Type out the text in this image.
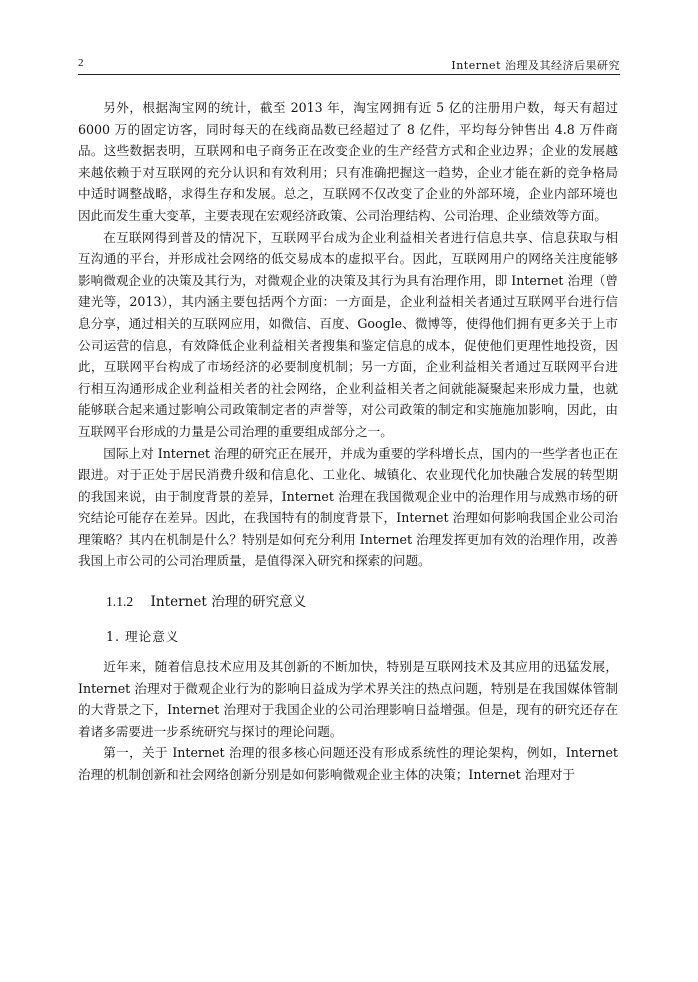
2	Internet 治理及其经济后果研究

另外，根据淘宝网的统计，截至 2013 年，淘宝网拥有近 5 亿的注册用户数，每天有超过 6000 万的固定访客，同时每天的在线商品数已经超过了 8 亿件，平均每分钟售出 4.8 万件商品。这些数据表明，互联网和电子商务正在改变企业的生产经营方式和企业边界；企业的发展越来越依赖于对互联网的充分认识和有效利用；只有准确把握这一趋势，企业才能在新的竞争格局中适时调整战略，求得生存和发展。总之，互联网不仅改变了企业的外部环境，企业内部环境也因此而发生重大变革，主要表现在宏观经济政策、公司治理结构、公司治理、企业绩效等方面。

在互联网得到普及的情况下，互联网平台成为企业利益相关者进行信息共享、信息获取与相互沟通的平台，并形成社会网络的低交易成本的虚拟平台。因此，互联网用户的网络关注度能够影响微观企业的决策及其行为，对微观企业的决策及其行为具有治理作用，即 Internet 治理（曾建光等，2013），其内涵主要包括两个方面：一方面是，企业利益相关者通过互联网平台进行信息分享，通过相关的互联网应用，如微信、百度、Google、微博等，使得他们拥有更多关于上市公司运营的信息，有效降低企业利益相关者搜集和鉴定信息的成本，促使他们更理性地投资，因此，互联网平台构成了市场经济的必要制度机制；另一方面，企业利益相关者通过互联网平台进行相互沟通形成企业利益相关者的社会网络，企业利益相关者之间就能凝聚起来形成力量，也就能够联合起来通过影响公司政策制定者的声誉等，对公司政策的制定和实施施加影响，因此，由互联网平台形成的力量是公司治理的重要组成部分之一。

国际上对 Internet 治理的研究正在展开，并成为重要的学科增长点，国内的一些学者也正在跟进。对于正处于居民消费升级和信息化、工业化、城镇化、农业现代化加快融合发展的转型期的我国来说，由于制度背景的差异，Internet 治理在我国微观企业中的治理作用与成熟市场的研究结论可能存在差异。因此，在我国特有的制度背景下，Internet 治理如何影响我国企业公司治理策略？其内在机制是什么？特别是如何充分利用 Internet 治理发挥更加有效的治理作用，改善我国上市公司的公司治理质量，是值得深入研究和探索的问题。

1.1.2 Internet 治理的研究意义
1. 理论意义

近年来，随着信息技术应用及其创新的不断加快，特别是互联网技术及其应用的迅猛发展，Internet 治理对于微观企业行为的影响日益成为学术界关注的热点问题，特别是在我国媒体管制的大背景之下，Internet 治理对于我国企业的公司治理影响日益增强。但是，现有的研究还存在着诸多需要进一步系统研究与探讨的理论问题。

第一，关于 Internet 治理的很多核心问题还没有形成系统性的理论架构，例如，Internet 治理的机制创新和社会网络创新分别是如何影响微观企业主体的决策；Internet 治理对于
